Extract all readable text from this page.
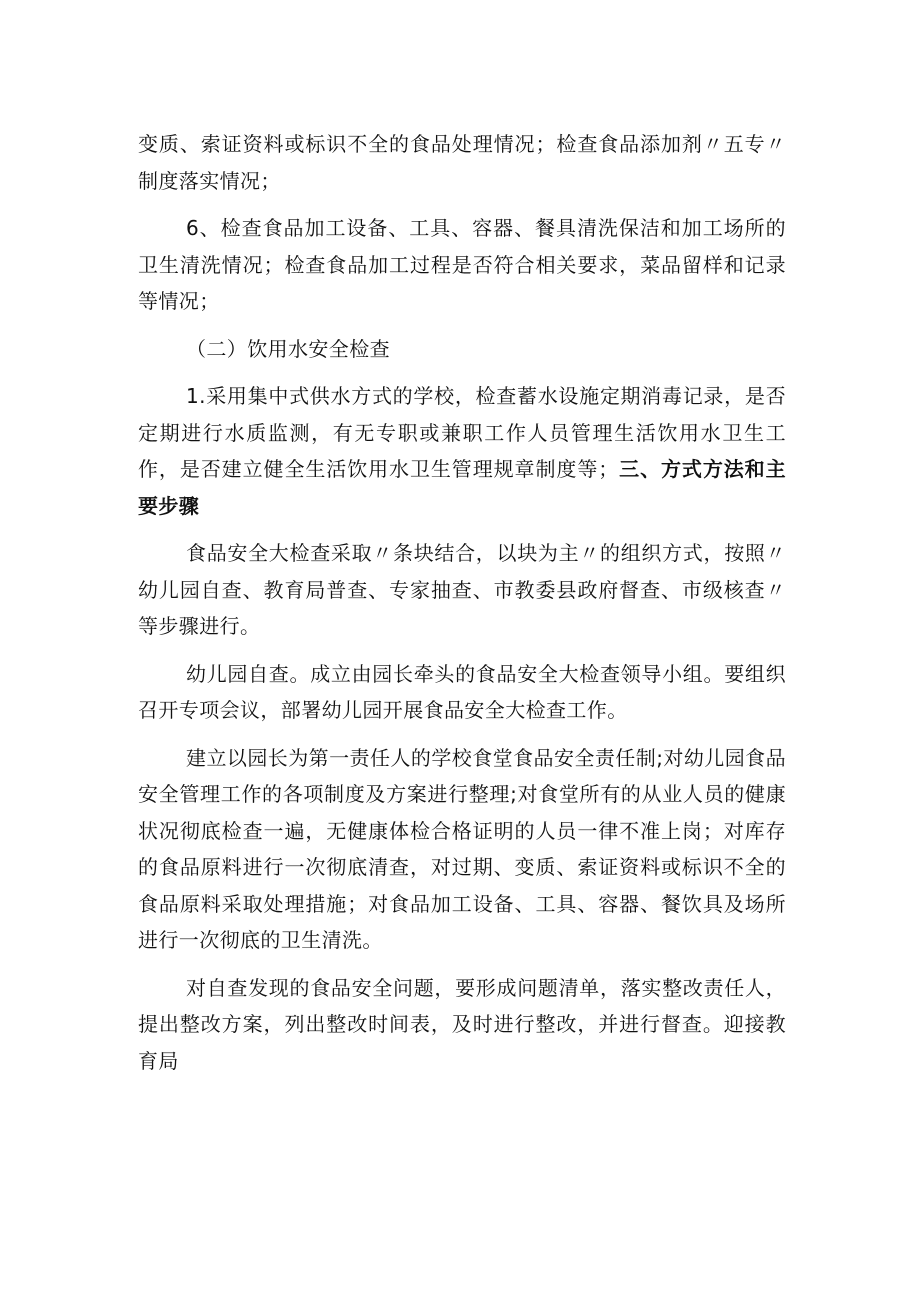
变质、索证资料或标识不全的食品处理情况；检查食品添加剂〃五专〃制度落实情况；

6、检查食品加工设备、工具、容器、餐具清洗保洁和加工场所的卫生清洗情况；检查食品加工过程是否符合相关要求，菜品留样和记录等情况；

（二）饮用水安全检查

1.采用集中式供水方式的学校，检查蓄水设施定期消毒记录，是否定期进行水质监测，有无专职或兼职工作人员管理生活饮用水卫生工作，是否建立健全生活饮用水卫生管理规章制度等；三、方式方法和主要步骤

食品安全大检查采取〃条块结合，以块为主〃的组织方式，按照〃幼儿园自查、教育局普查、专家抽查、市教委县政府督查、市级核查〃等步骤进行。

幼儿园自查。成立由园长牵头的食品安全大检查领导小组。要组织召开专项会议，部署幼儿园开展食品安全大检查工作。

建立以园长为第一责任人的学校食堂食品安全责任制;对幼儿园食品安全管理工作的各项制度及方案进行整理;对食堂所有的从业人员的健康状况彻底检查一遍，无健康体检合格证明的人员一律不准上岗；对库存的食品原料进行一次彻底清查，对过期、变质、索证资料或标识不全的食品原料采取处理措施；对食品加工设备、工具、容器、餐饮具及场所进行一次彻底的卫生清洗。

对自查发现的食品安全问题，要形成问题清单，落实整改责任人，提出整改方案，列出整改时间表，及时进行整改，并进行督查。迎接教育局
